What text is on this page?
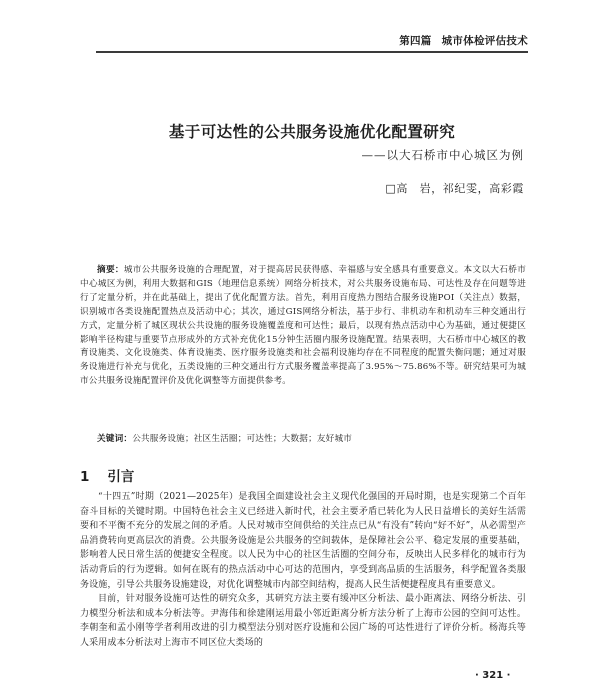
第四篇 城市体检评估技术
基于可达性的公共服务设施优化配置研究
——以大石桥市中心城区为例
□高　岩，祁纪雯，高彩霞

摘要：城市公共服务设施的合理配置，对于提高居民获得感、幸福感与安全感具有重要意义。本文以大石桥市中心城区为例，利用大数据和GIS（地理信息系统）网络分析技术，对公共服务设施布局、可达性及存在问题等进行了定量分析，并在此基础上，提出了优化配置方法。首先，利用百度热力图结合服务设施POI（关注点）数据，识别城市各类设施配置热点及活动中心；其次，通过GIS网络分析法，基于步行、非机动车和机动车三种交通出行方式，定量分析了城区现状公共设施的服务设施覆盖度和可达性；最后，以现有热点活动中心为基础，通过便捷区影响半径构建与重要节点形成外的方式补充优化15分钟生活圈内服务设施配置。结果表明，大石桥市中心城区的教育设施类、文化设施类、体育设施类、医疗服务设施类和社会福利设施均存在不同程度的配置失衡问题；通过对服务设施进行补充与优化，五类设施的三种交通出行方式服务覆盖率提高了3.95%～75.86%不等。研究结果可为城市公共服务设施配置评价及优化调整等方面提供参考。

关键词：公共服务设施；社区生活圈；可达性；大数据；友好城市
1 引言

“十四五”时期（2021—2025年）是我国全面建设社会主义现代化强国的开局时期，也是实现第二个百年奋斗目标的关键时期。中国特色社会主义已经进入新时代，社会主要矛盾已转化为人民日益增长的美好生活需要和不平衡不充分的发展之间的矛盾。人民对城市空间供给的关注点已从“有没有”转向“好不好”，从必需型产品消费转向更高层次的消费。公共服务设施是公共服务的空间载体，是保障社会公平、稳定发展的重要基础，影响着人民日常生活的便捷安全程度。以人民为中心的社区生活圈的空间分布，反映出人民多样化的城市行为活动背后的行为逻辑。如何在既有的热点活动中心可达的范围内，享受到高品质的生活服务，科学配置各类服务设施，引导公共服务设施建设，对优化调整城市内部空间结构，提高人民生活便捷程度具有重要意义。

目前，针对服务设施可达性的研究众多，其研究方法主要有缓冲区分析法、最小距离法、网络分析法、引力模型分析法和成本分析法等。尹海伟和徐建刚运用最小邻近距离分析方法分析了上海市公园的空间可达性。李朝奎和孟小刚等学者利用改进的引力模型法分别对医疗设施和公园广场的可达性进行了评价分析。杨海兵等人采用成本分析法对上海市不同区位大类场的

· 321 ·
